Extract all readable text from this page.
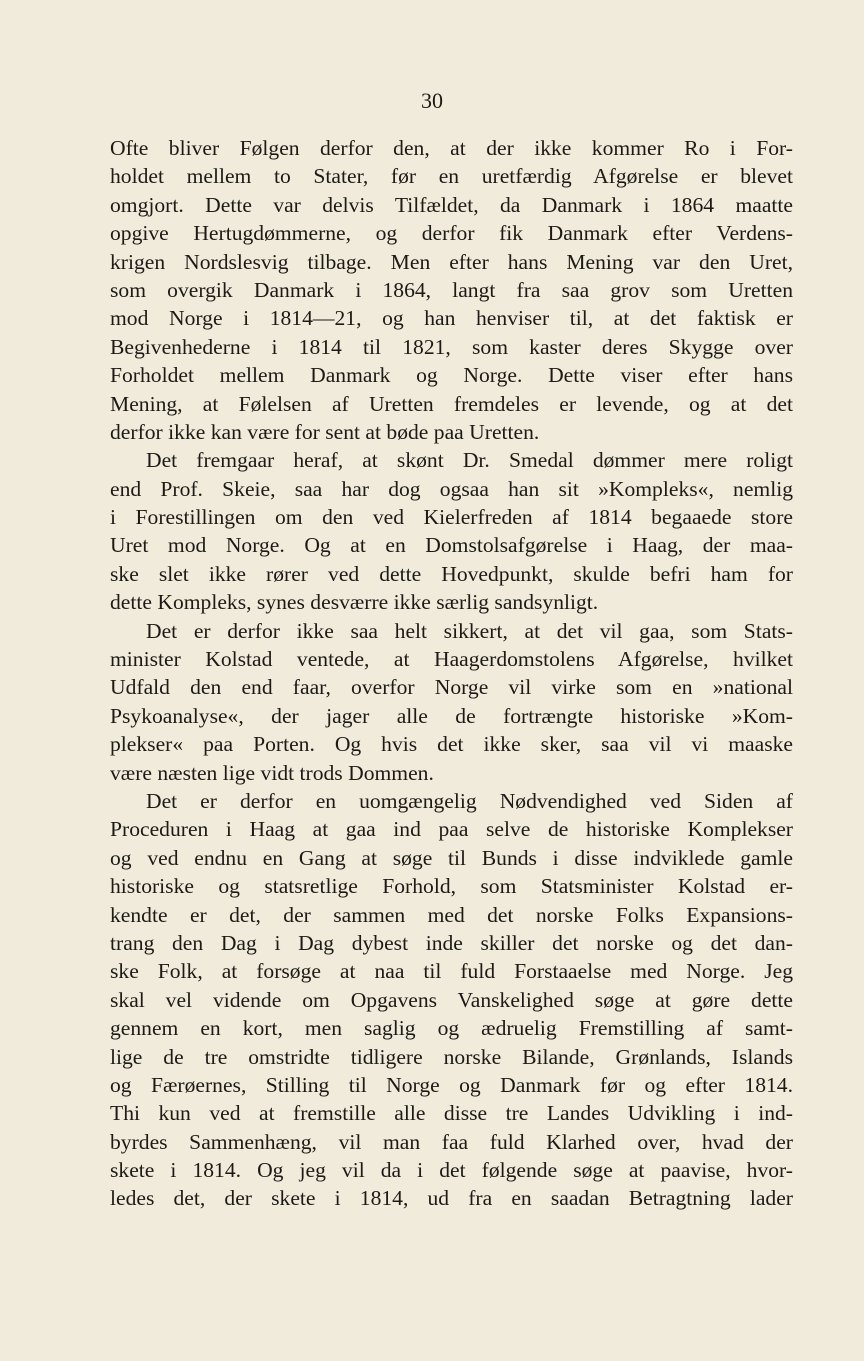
30
Ofte bliver Følgen derfor den, at der ikke kommer Ro i For-
holdet mellem to Stater, før en uretfærdig Afgørelse er blevet
omgjort. Dette var delvis Tilfældet, da Danmark i 1864 maatte
opgive Hertugdømmerne, og derfor fik Danmark efter Verdens-
krigen Nordslesvig tilbage. Men efter hans Mening var den Uret,
som overgik Danmark i 1864, langt fra saa grov som Uretten
mod Norge i 1814—21, og han henviser til, at det faktisk er
Begivenhederne i 1814 til 1821, som kaster deres Skygge over
Forholdet mellem Danmark og Norge. Dette viser efter hans
Mening, at Følelsen af Uretten fremdeles er levende, og at det
derfor ikke kan være for sent at bøde paa Uretten.
Det fremgaar heraf, at skønt Dr. Smedal dømmer mere roligt
end Prof. Skeie, saa har dog ogsaa han sit »Kompleks«, nemlig
i Forestillingen om den ved Kielerfreden af 1814 begaaede store
Uret mod Norge. Og at en Domstolsafgørelse i Haag, der maa-
ske slet ikke rører ved dette Hovedpunkt, skulde befri ham for
dette Kompleks, synes desværre ikke særlig sandsynligt.
Det er derfor ikke saa helt sikkert, at det vil gaa, som Stats-
minister Kolstad ventede, at Haagerdomstolens Afgørelse, hvilket
Udfald den end faar, overfor Norge vil virke som en »national
Psykoanalyse«, der jager alle de fortrængte historiske »Kom-
plekser« paa Porten. Og hvis det ikke sker, saa vil vi maaske
være næsten lige vidt trods Dommen.
Det er derfor en uomgængelig Nødvendighed ved Siden af
Proceduren i Haag at gaa ind paa selve de historiske Komplekser
og ved endnu en Gang at søge til Bunds i disse indviklede gamle
historiske og statsretlige Forhold, som Statsminister Kolstad er-
kendte er det, der sammen med det norske Folks Expansions-
trang den Dag i Dag dybest inde skiller det norske og det dan-
ske Folk, at forsøge at naa til fuld Forstaaelse med Norge. Jeg
skal vel vidende om Opgavens Vanskelighed søge at gøre dette
gennem en kort, men saglig og ædruelig Fremstilling af samt-
lige de tre omstridte tidligere norske Bilande, Grønlands, Islands
og Færøernes, Stilling til Norge og Danmark før og efter 1814.
Thi kun ved at fremstille alle disse tre Landes Udvikling i ind-
byrdes Sammenhæng, vil man faa fuld Klarhed over, hvad der
skete i 1814. Og jeg vil da i det følgende søge at paavise, hvor-
ledes det, der skete i 1814, ud fra en saadan Betragtning lader
